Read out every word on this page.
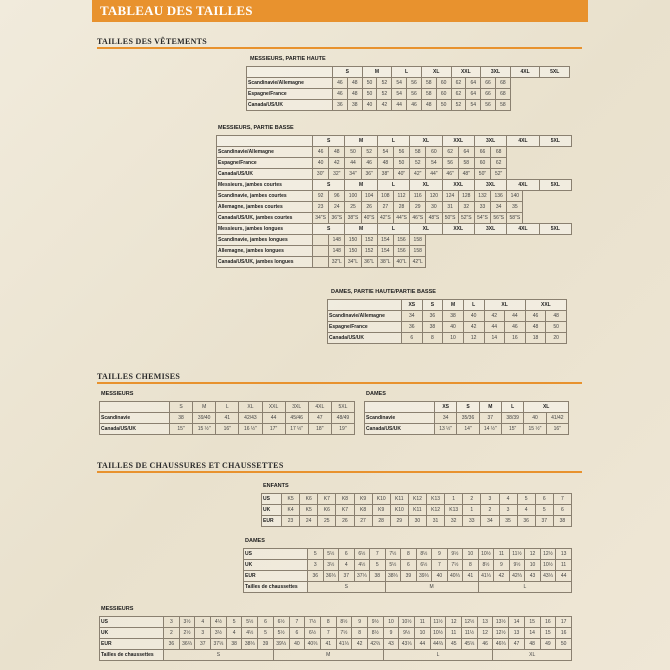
TABLEAU DES TAILLES
TAILLES DES VÊTEMENTS
TAILLES CHEMISES
TAILLES DE CHAUSSURES ET CHAUSSETTES
MESSIEURS, PARTIE HAUTE
	S		M		L		XL		XXL		3XL		4XL	5XL
Scandinavie/Allemagne	46	48	50	52	54	56	58	60	62	64	66	68		
Espagne/France	46	48	50	52	54	56	58	60	62	64	66	68		
Canada/US/UK	36	38	40	42	44	46	48	50	52	54	56	58		
MESSIEURS, PARTIE BASSE
	S		M		L		XL		XXL		3XL		4XL	5XL
Scandinavie/Allemagne	46	48	50	52	54	56	58	60	62	64	66	68		
Espagne/France	40	42	44	46	48	50	52	54	56	58	60	62		
Canada/US/UK	30"	32"	34"	36"	38"	40"	42"	44"	46"	48"	50"	52"		
Messieurs, jambes courtes	S		M		L		XL		XXL		3XL		4XL	5XL
Scandinavie, jambes courtes	92	96	100	104	108	112	116	120	124	128	132	136	140	
Allemagne, jambes courtes	23	24	25	26	27	28	29	30	31	32	33	34	35	
Canada/US/UK, jambes courtes	34"S	36"S	38"S	40"S	42"S	44"S	46"S	48"S	50"S	52"S	54"S	56"S	58"S	
Messieurs, jambes longues	S		M		L		XL		XXL		3XL		4XL	5XL
Scandinavie, jambes longues		148	150	152	154	156	158							
Allemagne, jambes longues		148	150	152	154	156	158							
Canada/US/UK, jambes longues		32"L	34"L	36"L	38"L	40"L	42"L							
DAMES, PARTIE HAUTE/PARTIE BASSE
	XS	S	M	L	XL		XXL	
Scandinavie/Allemagne	34	36	38	40	42	44	46	48
Espagne/France	36	38	40	42	44	46	48	50
Canada/US/UK	6	8	10	12	14	16	18	20
MESSIEURS
	S	M	L	XL	XXL	3XL	4XL	5XL
Scandinavie	38	39/40	41	42/43	44	45/46	47	48/49
Canada/US/UK	15"	15 ½"	16"	16 ½"	17"	17 ½"	18"	19"
DAMES
	XS	S	M	L	XL	
Scandinavie	34	35/36	37	38/39	40	41/42
Canada/US/UK	13 ½"	14"	14 ½"	15"	15 ½"	16"
ENFANTS
US	K5	K6	K7	K8	K9	K10	K11	K12	K13	1	2	3	4	5	6	7
UK	K4	K5	K6	K7	K8	K9	K10	K11	K12	K13	1	2	3	4	5	6
EUR	23	24	25	26	27	28	29	30	31	32	33	34	35	36	37	38
DAMES
US	5	5½	6	6½	7	7½	8	8½	9	9½	10	10½	11	11½	12	12½	13
UK	3	3½	4	4½	5	5½	6	6½	7	7½	8	8½	9	9½	10	10½	11
EUR	36	36⅔	37	37⅓	38	38⅔	39	39⅓	40	40⅔	41	41⅓	42	42⅔	43	43⅓	44
Tailles de chaussettes	S					M						L					
MESSIEURS
US	3	3½	4	4½	5	5½	6	6½	7	7½	8	8½	9	9½	10	10½	11	11½	12	12½	13	13½	14	15	16	17
UK	2	2½	3	3½	4	4½	5	5½	6	6½	7	7½	8	8½	9	9½	10	10½	11	11½	12	12½	13	14	15	16
EUR	36	36⅔	37	37⅓	38	38⅔	39	39⅓	40	40⅔	41	41⅓	42	42⅔	43	43⅓	44	44⅔	45	45⅓	46	46⅔	47	48	49	50
Tailles de chaussettes	S							M							L							XL				
